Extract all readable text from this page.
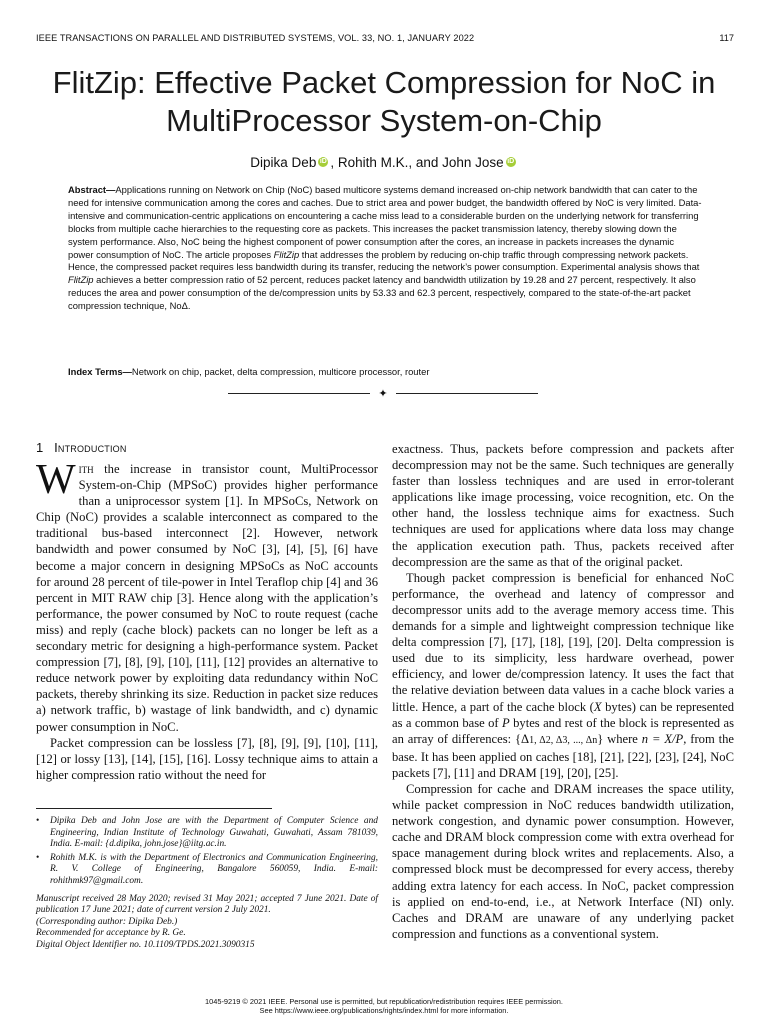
IEEE TRANSACTIONS ON PARALLEL AND DISTRIBUTED SYSTEMS, VOL. 33, NO. 1, JANUARY 2022	117
FlitZip: Effective Packet Compression for NoC in MultiProcessor System-on-Chip
Dipika Deb iD , Rohith M.K., and John Jose iD
Abstract—Applications running on Network on Chip (NoC) based multicore systems demand increased on-chip network bandwidth that can cater to the need for intensive communication among the cores and caches. Due to strict area and power budget, the bandwidth offered by NoC is very limited. Data-intensive and communication-centric applications on encountering a cache miss lead to a considerable burden on the underlying network for transferring blocks from multiple cache hierarchies to the requesting core as packets. This increases the packet transmission latency, thereby slowing down the system performance. Also, NoC being the highest component of power consumption after the cores, an increase in packets increases the dynamic power consumption of NoC. The article proposes FlitZip that addresses the problem by reducing on-chip traffic through compressing network packets. Hence, the compressed packet requires less bandwidth during its transfer, reducing the network’s power consumption. Experimental analysis shows that FlitZip achieves a better compression ratio of 52 percent, reduces packet latency and bandwidth utilization by 19.28 and 27 percent, respectively. It also reduces the area and power consumption of the de/compression units by 53.33 and 62.3 percent, respectively, compared to the state-of-the-art packet compression technique, NoΔ.
Index Terms—Network on chip, packet, delta compression, multicore processor, router
✦
1 Introduction

With the increase in transistor count, MultiProcessor System-on-Chip (MPSoC) provides higher performance than a uniprocessor system [1]. In MPSoCs, Network on Chip (NoC) provides a scalable interconnect as compared to the traditional bus-based interconnect [2]. However, network bandwidth and power consumed by NoC [3], [4], [5], [6] have become a major concern in designing MPSoCs as NoC accounts for around 28 percent of tile-power in Intel Teraflop chip [4] and 36 percent in MIT RAW chip [3]. Hence along with the application’s performance, the power consumed by NoC to route request (cache miss) and reply (cache block) packets can no longer be left as a secondary metric for designing a high-performance system. Packet compression [7], [8], [9], [10], [11], [12] provides an alternative to reduce network power by exploiting data redundancy within NoC packets, thereby shrinking its size. Reduction in packet size reduces a) network traffic, b) wastage of link bandwidth, and c) dynamic power consumption in NoC.

Packet compression can be lossless [7], [8], [9], [9], [10], [11], [12] or lossy [13], [14], [15], [16]. Lossy technique aims to attain a higher compression ratio without the need for

• Dipika Deb and John Jose are with the Department of Computer Science and Engineering, Indian Institute of Technology Guwahati, Guwahati, Assam 781039, India. E-mail: {d.dipika, john.jose}@iitg.ac.in.
• Rohith M.K. is with the Department of Electronics and Communication Engineering, R. V. College of Engineering, Bangalore 560059, India. E-mail: rohithmk97@gmail.com.
Manuscript received 28 May 2020; revised 31 May 2021; accepted 7 June 2021. Date of publication 17 June 2021; date of current version 2 July 2021.
(Corresponding author: Dipika Deb.)
Recommended for acceptance by R. Ge.
Digital Object Identifier no. 10.1109/TPDS.2021.3090315

exactness. Thus, packets before compression and packets after decompression may not be the same. Such techniques are generally faster than lossless techniques and are used in error-tolerant applications like image processing, voice recognition, etc. On the other hand, the lossless technique aims for exactness. Such techniques are used for applications where data loss may change the application execution path. Thus, packets received after decompression are the same as that of the original packet.

Though packet compression is beneficial for enhanced NoC performance, the overhead and latency of compressor and decompressor units add to the average memory access time. This demands for a simple and lightweight compression technique like delta compression [7], [17], [18], [19], [20]. Delta compression is used due to its simplicity, less hardware overhead, power efficiency, and lower de/compression latency. It uses the fact that the relative deviation between data values in a cache block varies a little. Hence, a part of the cache block (X bytes) can be represented as a common base of P bytes and rest of the block is represented as an array of differences: {Δ1, Δ2, Δ3, ..., Δn} where n = X/P, from the base. It has been applied on caches [18], [21], [22], [23], [24], NoC packets [7], [11] and DRAM [19], [20], [25].

Compression for cache and DRAM increases the space utility, while packet compression in NoC reduces bandwidth utilization, network congestion, and dynamic power consumption. However, cache and DRAM block compression come with extra overhead for space management during block writes and replacements. Also, a compressed block must be decompressed for every access, thereby adding extra latency for each access. In NoC, packet compression is applied on end-to-end, i.e., at Network Interface (NI) only. Caches and DRAM are unaware of any underlying packet compression and functions as a conventional system.

1045-9219 © 2021 IEEE. Personal use is permitted, but republication/redistribution requires IEEE permission.
See https://www.ieee.org/publications/rights/index.html for more information.
